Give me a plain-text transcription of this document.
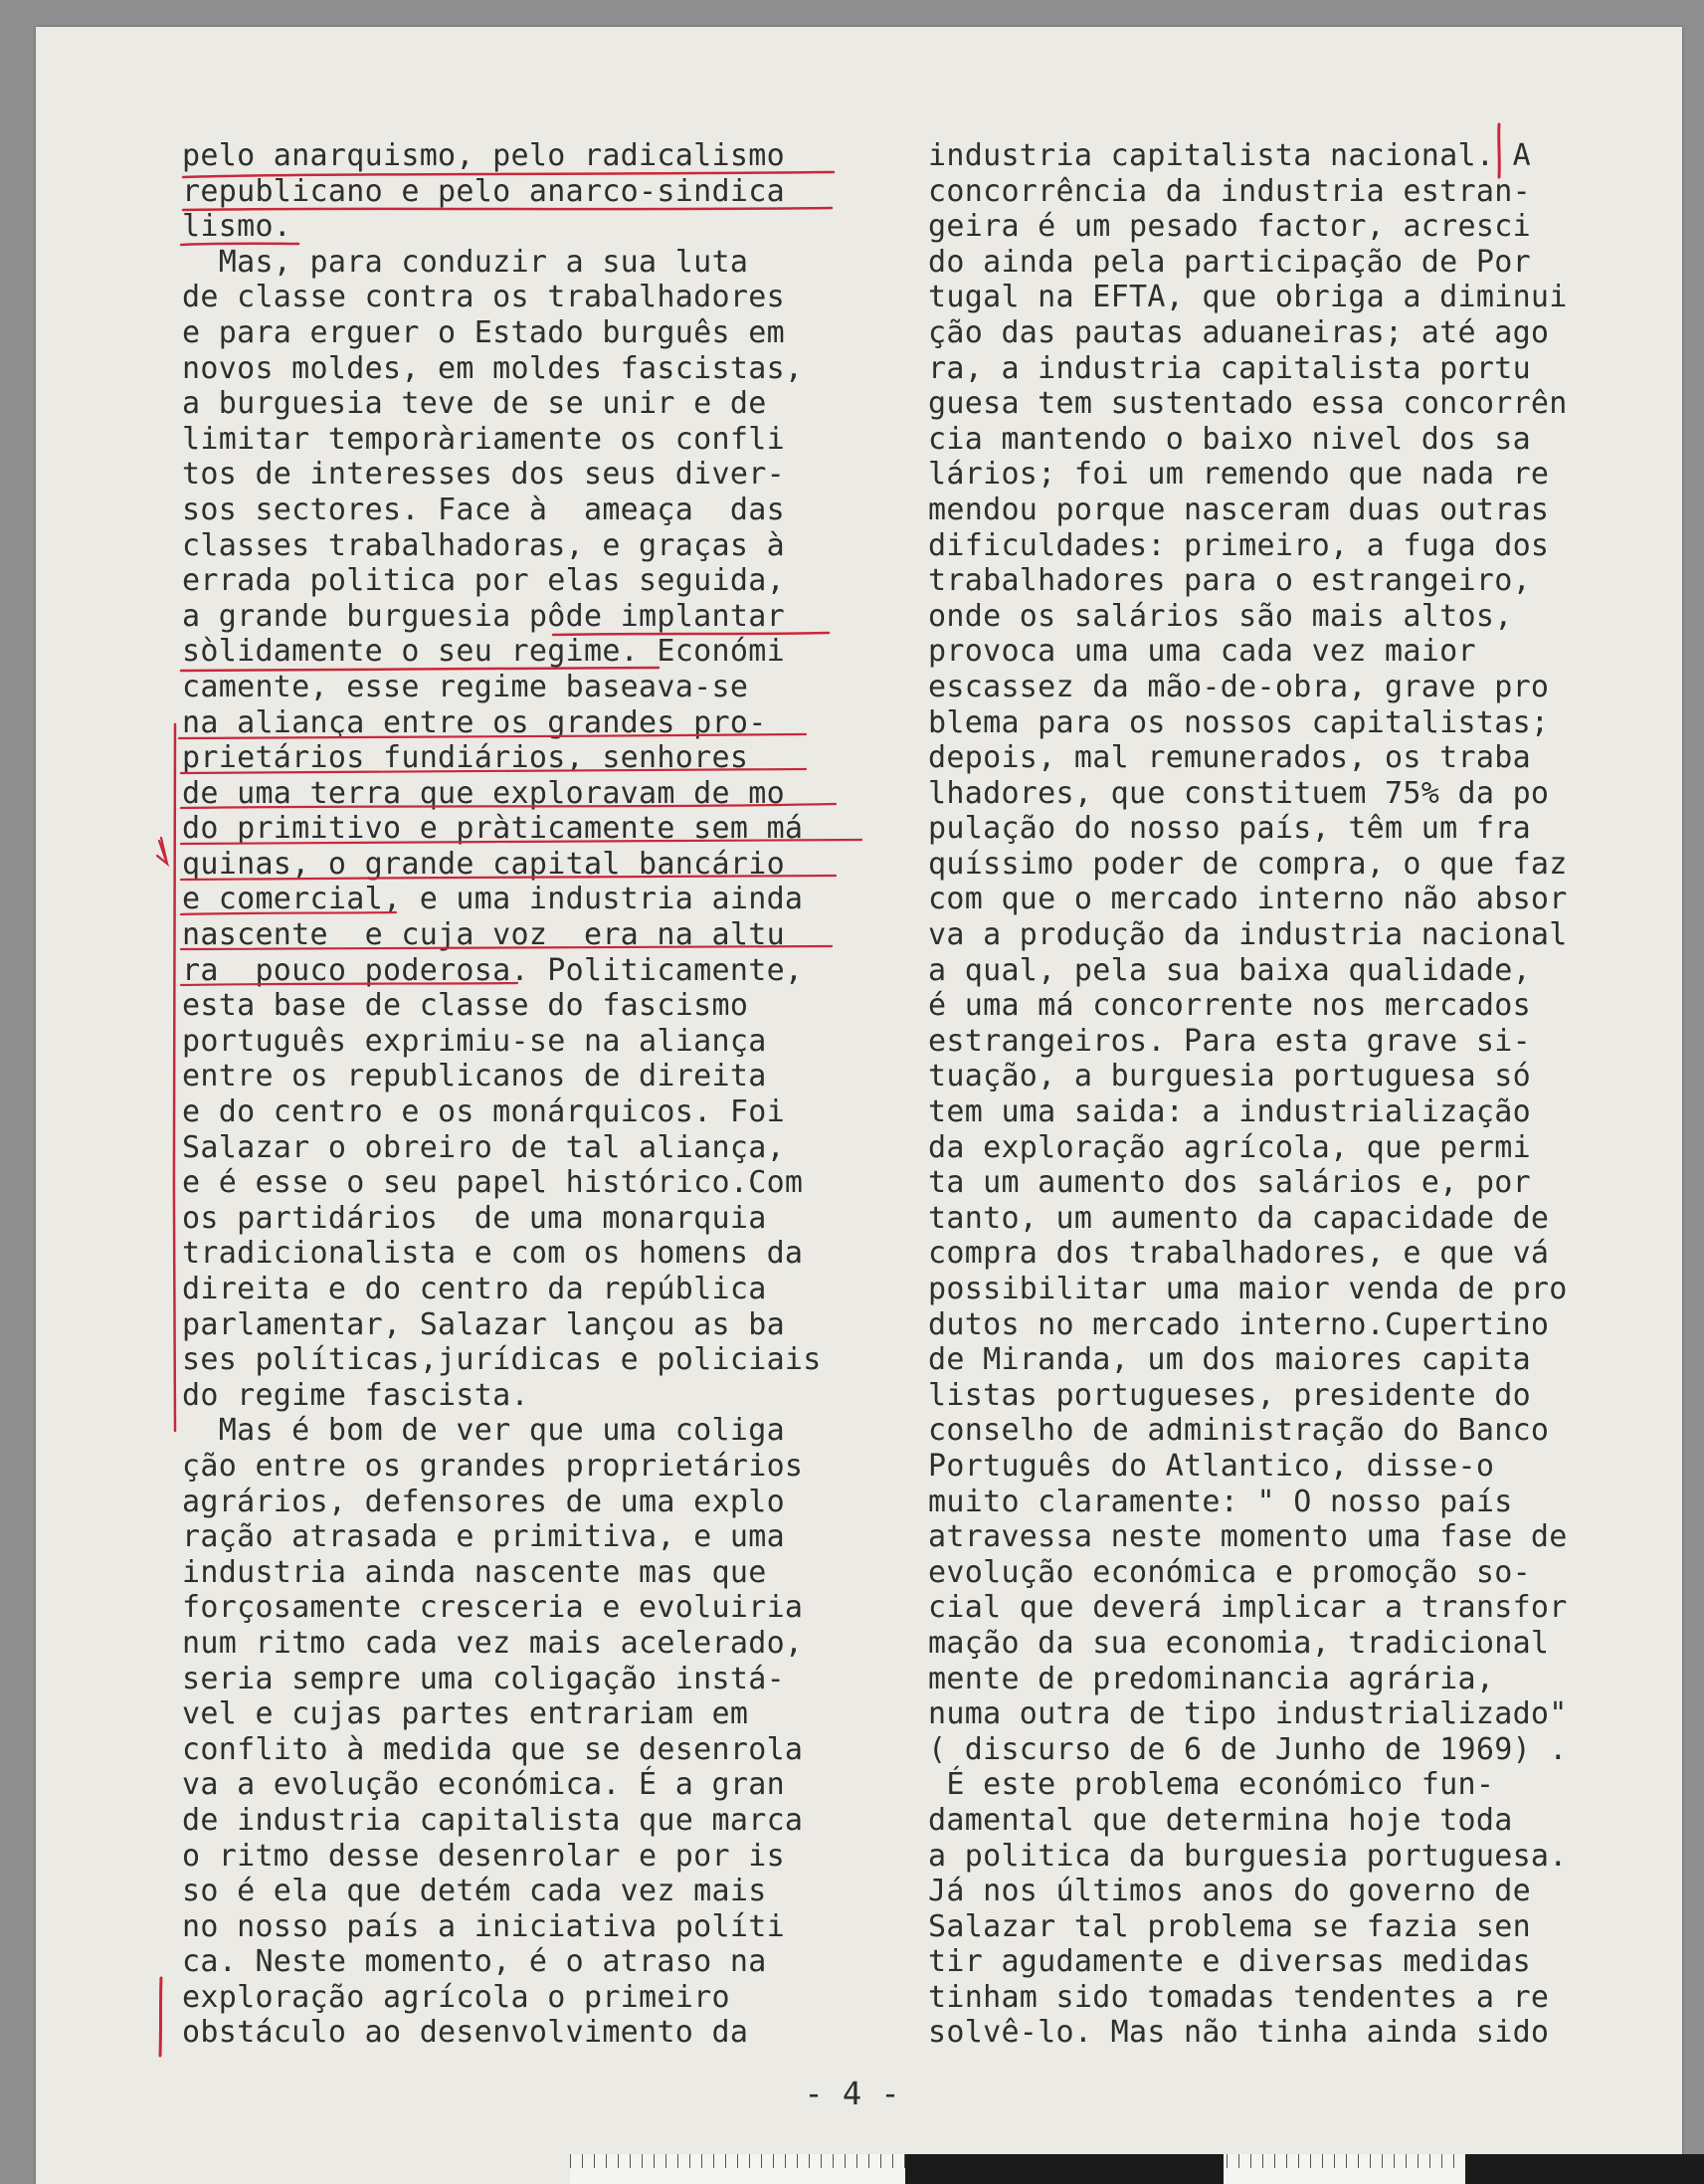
pelo anarquismo, pelo radicalismo
republicano e pelo anarco-sindica
lismo.
Mas, para conduzir a sua luta
de classe contra os trabalhadores
e para erguer o Estado burguês em
novos moldes, em moldes fascistas,
a burguesia teve de se unir e de
limitar temporàriamente os confli
tos de interesses dos seus diver-
sos sectores. Face à  ameaça  das
classes trabalhadoras, e graças à
errada politica por elas seguida,
a grande burguesia pôde implantar
sòlidamente o seu regime. Económi
camente, esse regime baseava-se
na aliança entre os grandes pro-
prietários fundiários, senhores
de uma terra que exploravam de mo
do primitivo e pràticamente sem má
quinas, o grande capital bancário
e comercial, e uma industria ainda
nascente  e cuja voz  era na altu
ra  pouco poderosa. Politicamente,
esta base de classe do fascismo
português exprimiu-se na aliança
entre os republicanos de direita
e do centro e os monárquicos. Foi
Salazar o obreiro de tal aliança,
e é esse o seu papel histórico.Com
os partidários  de uma monarquia
tradicionalista e com os homens da
direita e do centro da república
parlamentar, Salazar lançou as ba
ses políticas,jurídicas e policiais
do regime fascista.
Mas é bom de ver que uma coliga
ção entre os grandes proprietários
agrários, defensores de uma explo
ração atrasada e primitiva, e uma
industria ainda nascente mas que
forçosamente cresceria e evoluiria
num ritmo cada vez mais acelerado,
seria sempre uma coligação instá-
vel e cujas partes entrariam em
conflito à medida que se desenrola
va a evolução económica. É a gran
de industria capitalista que marca
o ritmo desse desenrolar e por is
so é ela que detém cada vez mais
no nosso país a iniciativa políti
ca. Neste momento, é o atraso na
exploração agrícola o primeiro
obstáculo ao desenvolvimento da
industria capitalista nacional. A
concorrência da industria estran-
geira é um pesado factor, acresci
do ainda pela participação de Por
tugal na EFTA, que obriga a diminui
ção das pautas aduaneiras; até ago
ra, a industria capitalista portu
guesa tem sustentado essa concorrên
cia mantendo o baixo nivel dos sa
lários; foi um remendo que nada re
mendou porque nasceram duas outras
dificuldades: primeiro, a fuga dos
trabalhadores para o estrangeiro,
onde os salários são mais altos,
provoca uma uma cada vez maior
escassez da mão-de-obra, grave pro
blema para os nossos capitalistas;
depois, mal remunerados, os traba
lhadores, que constituem 75% da po
pulação do nosso país, têm um fra
quíssimo poder de compra, o que faz
com que o mercado interno não absor
va a produção da industria nacional
a qual, pela sua baixa qualidade,
é uma má concorrente nos mercados
estrangeiros. Para esta grave si-
tuação, a burguesia portuguesa só
tem uma saida: a industrialização
da exploração agrícola, que permi
ta um aumento dos salários e, por
tanto, um aumento da capacidade de
compra dos trabalhadores, e que vá
possibilitar uma maior venda de pro
dutos no mercado interno.Cupertino
de Miranda, um dos maiores capita
listas portugueses, presidente do
conselho de administração do Banco
Português do Atlantico, disse-o
muito claramente: " O nosso país
atravessa neste momento uma fase de
evolução económica e promoção so-
cial que deverá implicar a transfor
mação da sua economia, tradicional
mente de predominancia agrária,
numa outra de tipo industrializado"
( discurso de 6 de Junho de 1969) .
É este problema económico fun-
damental que determina hoje toda
a politica da burguesia portuguesa.
Já nos últimos anos do governo de
Salazar tal problema se fazia sen
tir agudamente e diversas medidas
tinham sido tomadas tendentes a re
solvê-lo. Mas não tinha ainda sido
- 4 -
